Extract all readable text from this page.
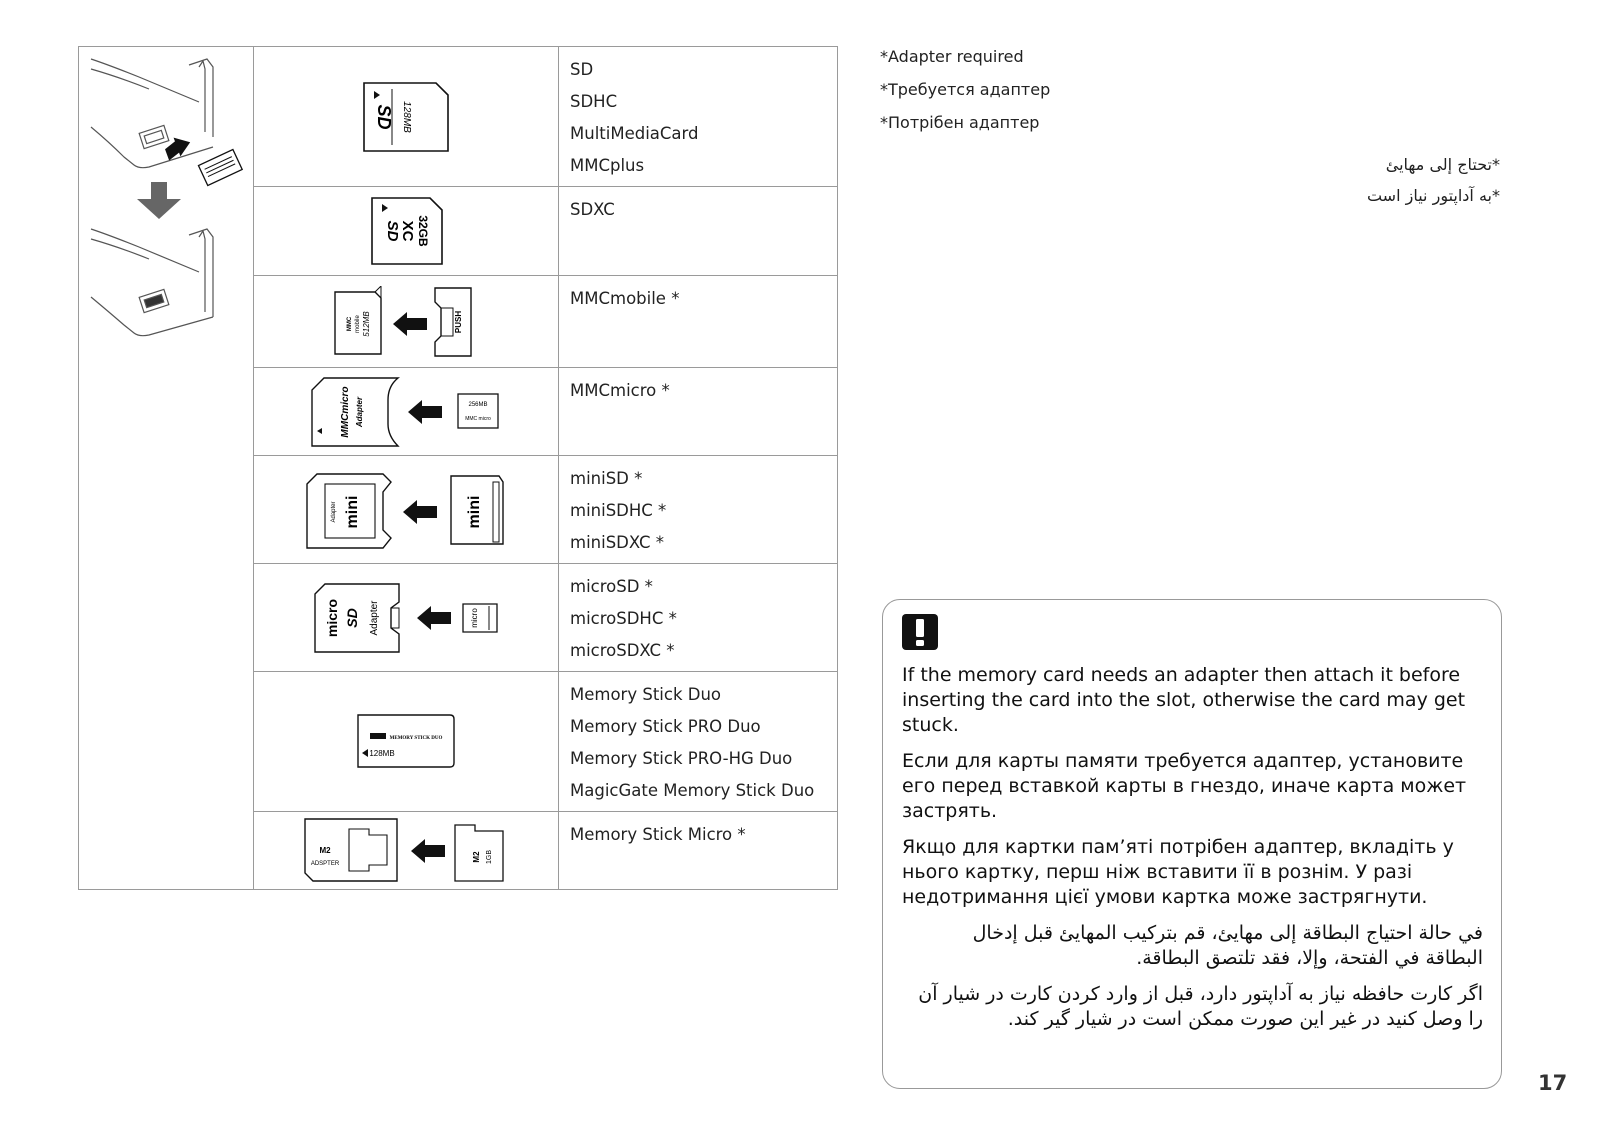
SD 128MB	SD
SDHC
MultiMediaCard
MMCplus

SD
XC 32GB	SDXC

MMC mobile 512MB PUSH	MMCmobile *

MMCmicro Adapter 256MB
MMC micro	MMCmicro *

Adapter mini mini	miniSD *
miniSDHC *
miniSDXC *

micro SD Adapter micro	microSD *
microSDHC *
microSDXC *

MEMORY STICK DUO
128MB	Memory Stick Duo
Memory Stick PRO Duo
Memory Stick PRO-HG Duo
MagicGate Memory Stick Duo

M2
ADSPTER
M2 1GB	Memory Stick Micro *
*Adapter required
*Требуется адаптер
*Потрібен адаптер
*تحتاج إلى مهايئ
*به آداپتور نیاز است

If the memory card needs an adapter then attach it before inserting the card into the slot, otherwise the card may get stuck.

Если для карты памяти требуется адаптер, установите его перед вставкой карты в гнездо, иначе карта может застрять.

Якщо для картки пам’яті потрібен адаптер, вкладіть у нього картку, перш ніж вставити її в рознім. У разі недотримання цієї умови картка може застрягнути.

في حالة احتياج البطاقة إلى مهايئ، قم بتركيب المهايئ قبل إدخال البطاقة في الفتحة، وإلا، فقد تلتصق البطاقة.

اگر کارت حافظه نیاز به آداپتور دارد، قبل از وارد کردن کارت در شیار آن را وصل کنید در غیر این صورت ممکن است در شیار گیر کند.

17
